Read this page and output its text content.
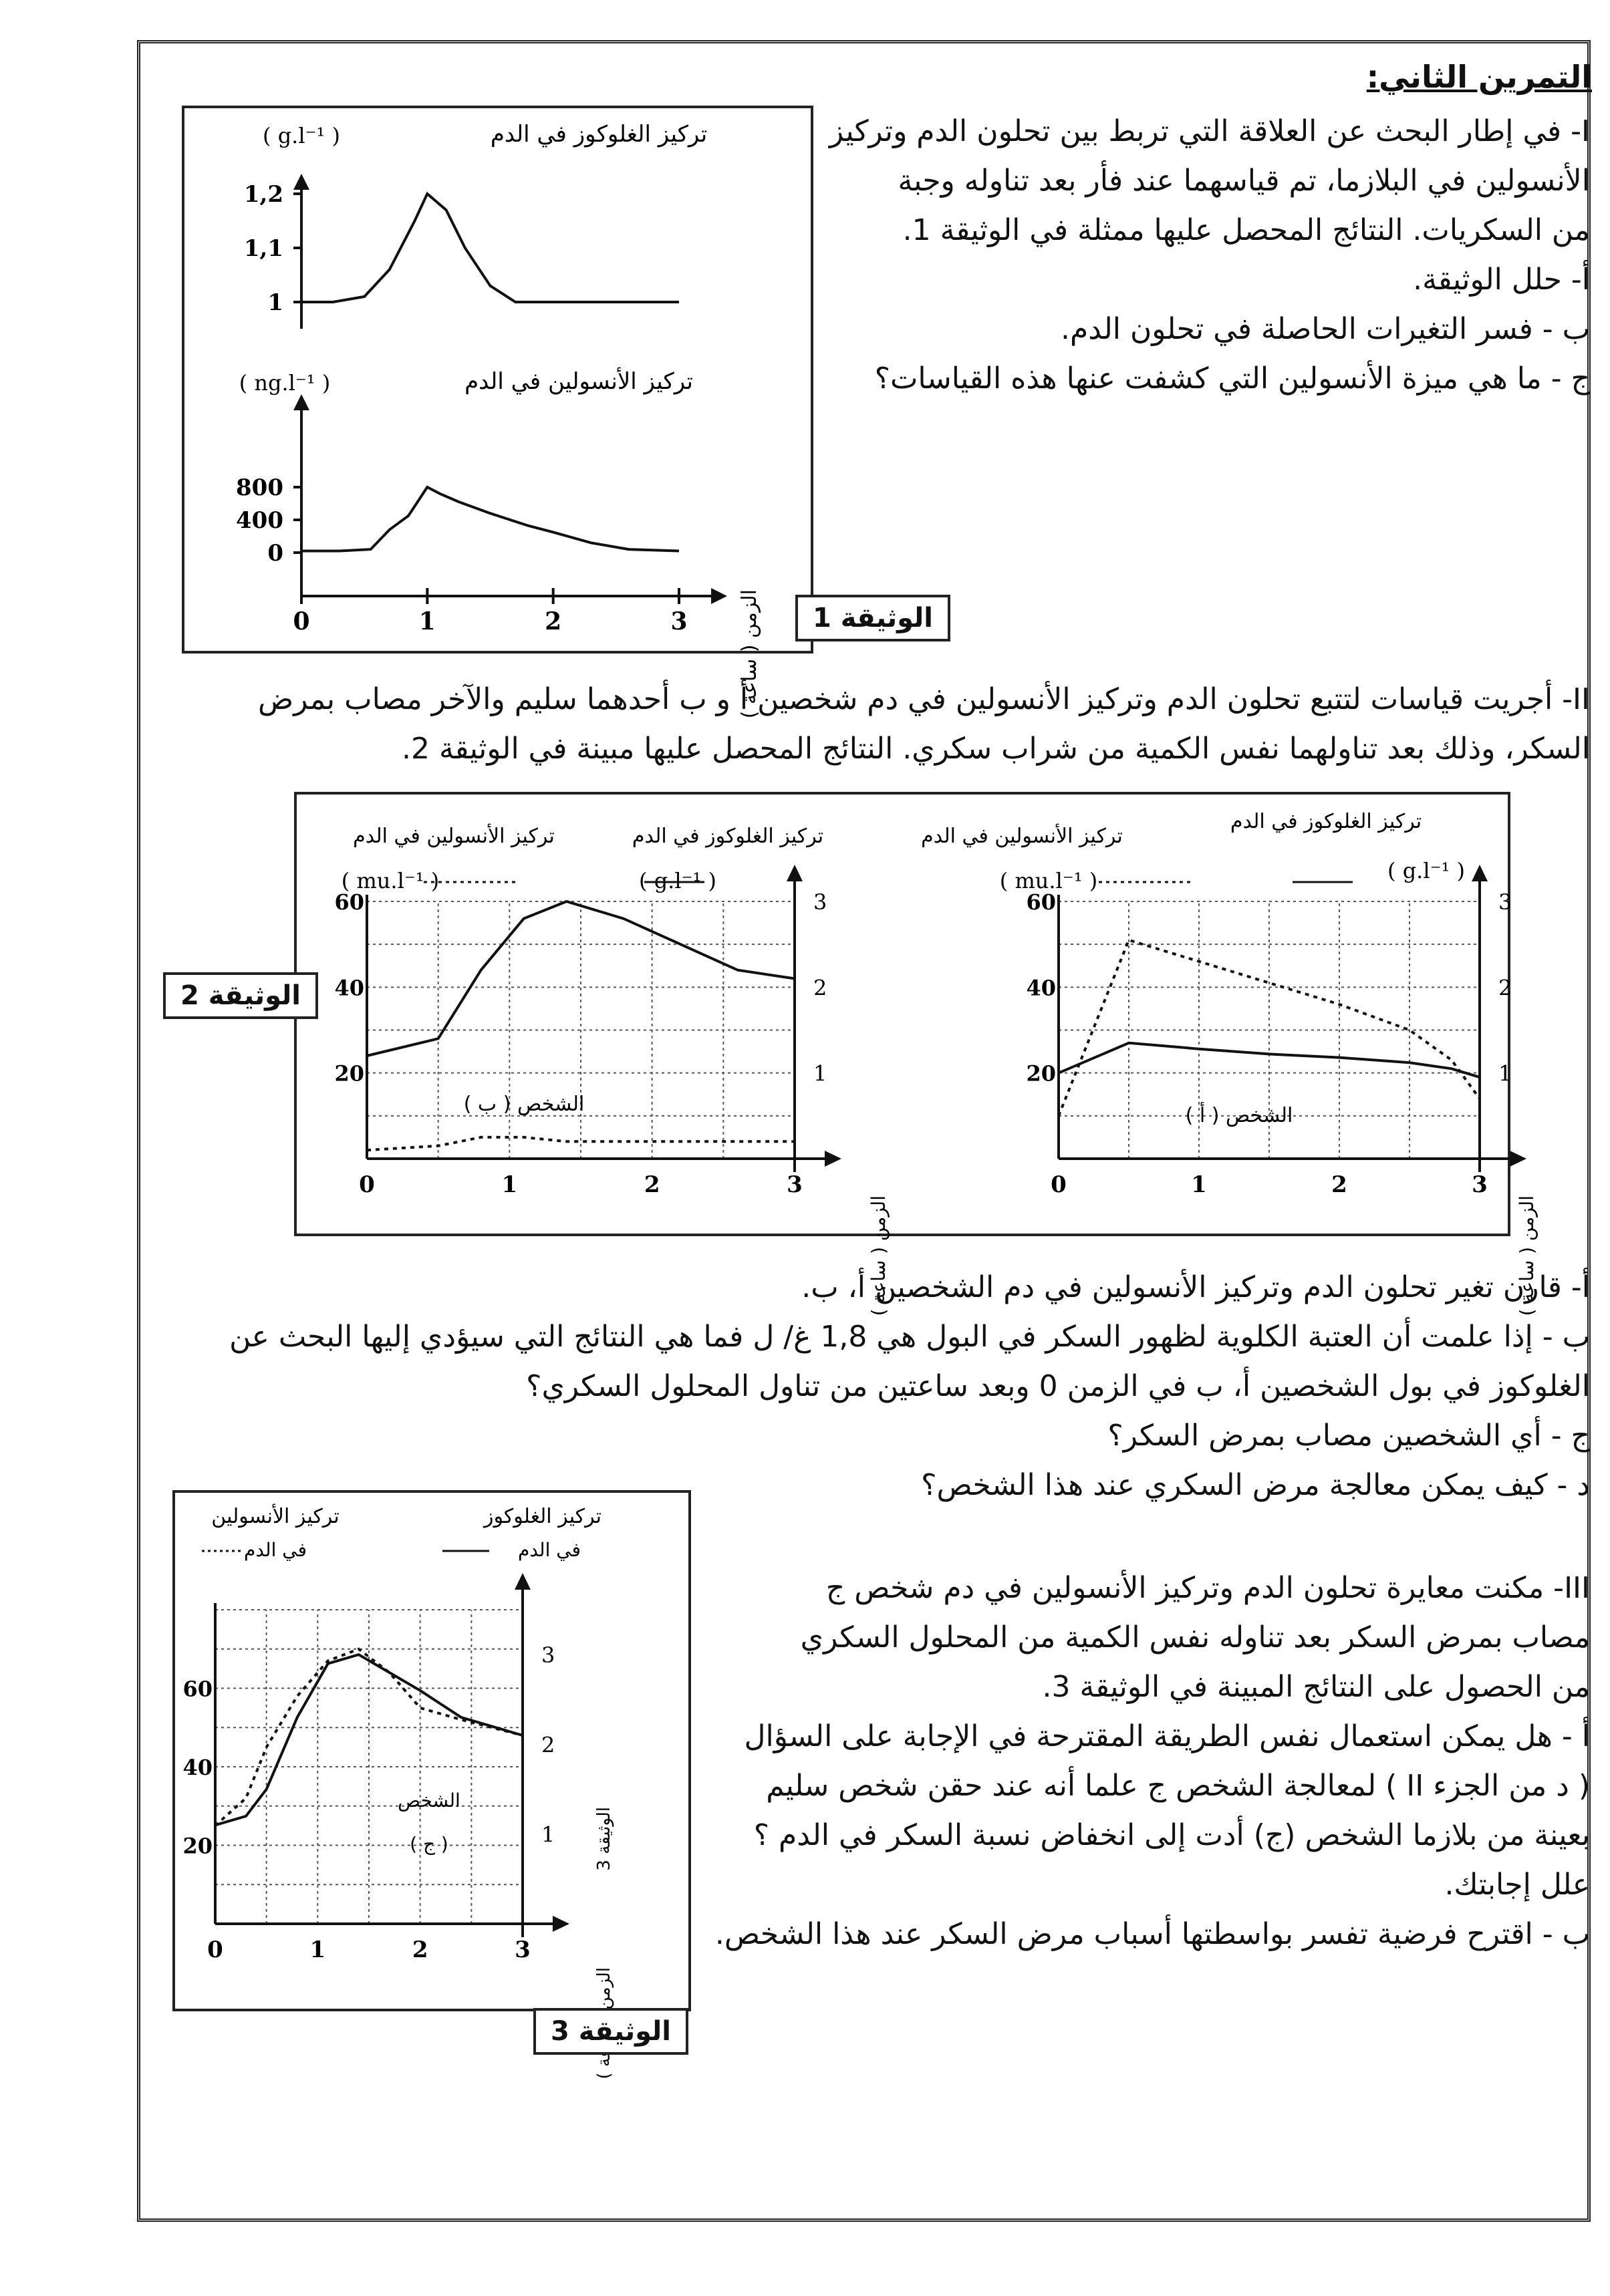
التمرين الثاني:
I- في إطار البحث عن العلاقة التي تربط بين تحلون الدم وتركيز
الأنسولين في البلازما، تم قياسهما عند فأر بعد تناوله وجبة
من السكريات. النتائج المحصل عليها ممثلة في الوثيقة 1.
أ- حلل الوثيقة.
ب - فسر التغيرات الحاصلة في تحلون الدم.
ج - ما هي ميزة الأنسولين التي كشفت عنها هذه القياسات؟
تركيز الغلوكوز في الدم
( g.l⁻¹ )
1,2
1,1
1
تركيز الأنسولين في الدم
( ng.l⁻¹ )
800
400
0
0	1	2	3	الزمن ( ساعة )	الوثيقة 1
II- أجريت قياسات لتتبع تحلون الدم وتركيز الأنسولين في دم شخصين أ و ب أحدهما سليم والآخر مصاب بمرض
السكر، وذلك بعد تناولهما نفس الكمية من شراب سكري. النتائج المحصل عليها مبينة في الوثيقة 2.
تركيز الأنسولين في الدم	تركيز الغلوكوز في الدم
( mu.l⁻¹ )	( g.l⁻¹ )
60
40
20
3
2
1
0	1	2	3
الشخص ( ب )
الزمن ( ساعة )
تركيز الأنسولين في الدم
تركيز الغلوكوز في الدم
( mu.l⁻¹ )	( g.l⁻¹ )
60
40
20
3
2
1
0	1	2	3
الشخص ( أ )
الزمن ( ساعة )
الوثيقة 2
أ- قارن تغير تحلون الدم وتركيز الأنسولين في دم الشخصين أ، ب.
ب - إذا علمت أن العتبة الكلوية لظهور السكر في البول هي 1,8 غ/ ل فما هي النتائج التي سيؤدي إليها البحث عن
الغلوكوز في بول الشخصين أ، ب في الزمن 0 وبعد ساعتين من تناول المحلول السكري؟
ج - أي الشخصين مصاب بمرض السكر؟
د - كيف يمكن معالجة مرض السكري عند هذا الشخص؟
تركيز الأنسولين
في الدم
تركيز الغلوكوز
في الدم
60
40
20
3
2
1
0	1	2	3
الشخص
( ج )
الوثيقة 3
الوثيقة 3
III- مكنت معايرة تحلون الدم وتركيز الأنسولين في دم شخص ج
مصاب بمرض السكر بعد تناوله نفس الكمية من المحلول السكري
من الحصول على النتائج المبينة في الوثيقة 3.
أ - هل يمكن استعمال نفس الطريقة المقترحة في الإجابة على السؤال
( د من الجزء II ) لمعالجة الشخص ج علما أنه عند حقن شخص سليم
بعينة من بلازما الشخص (ج) أدت إلى انخفاض نسبة السكر في الدم ؟
علل إجابتك.
ب - اقترح فرضية تفسر بواسطتها أسباب مرض السكر عند هذا الشخص.
